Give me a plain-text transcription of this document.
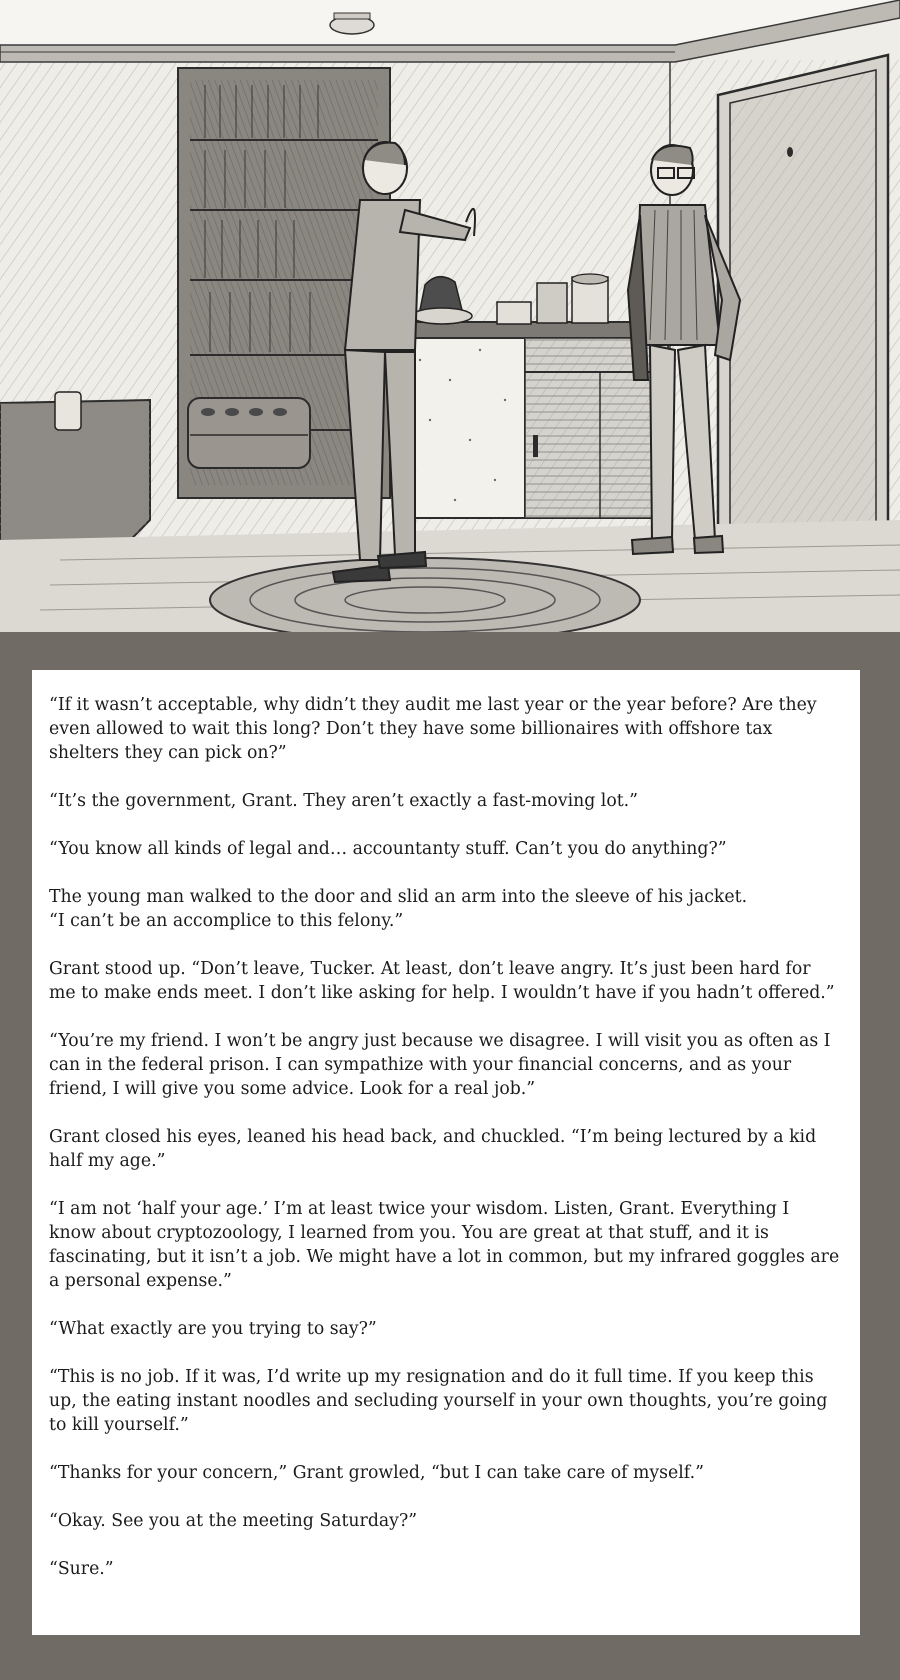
“If it wasn’t acceptable, why didn’t they audit me last year or the year before? Are they even allowed to wait this long? Don’t they have some billionaires with offshore tax shelters they can pick on?”

“It’s the government, Grant. They aren’t exactly a fast-moving lot.”

“You know all kinds of legal and… accountanty stuff. Can’t you do anything?”

The young man walked to the door and slid an arm into the sleeve of his jacket.
“I can’t be an accomplice to this felony.”

Grant stood up. “Don’t leave, Tucker. At least, don’t leave angry. It’s just been hard for me to make ends meet. I don’t like asking for help. I wouldn’t have if you hadn’t offered.”

“You’re my friend. I won’t be angry just because we disagree. I will visit you as often as I can in the federal prison. I can sympathize with your financial concerns, and as your friend, I will give you some advice. Look for a real job.”

Grant closed his eyes, leaned his head back, and chuckled. “I’m being lectured by a kid half my age.”

“I am not ‘half your age.’ I’m at least twice your wisdom. Listen, Grant. Everything I know about cryptozoology, I learned from you. You are great at that stuff, and it is fascinating, but it isn’t a job. We might have a lot in common, but my infrared goggles are a personal expense.”

“What exactly are you trying to say?”

“This is no job. If it was, I’d write up my resignation and do it full time. If you keep this up, the eating instant noodles and secluding yourself in your own thoughts, you’re going to kill yourself.”

“Thanks for your concern,” Grant growled, “but I can take care of myself.”

“Okay. See you at the meeting Saturday?”

“Sure.”
